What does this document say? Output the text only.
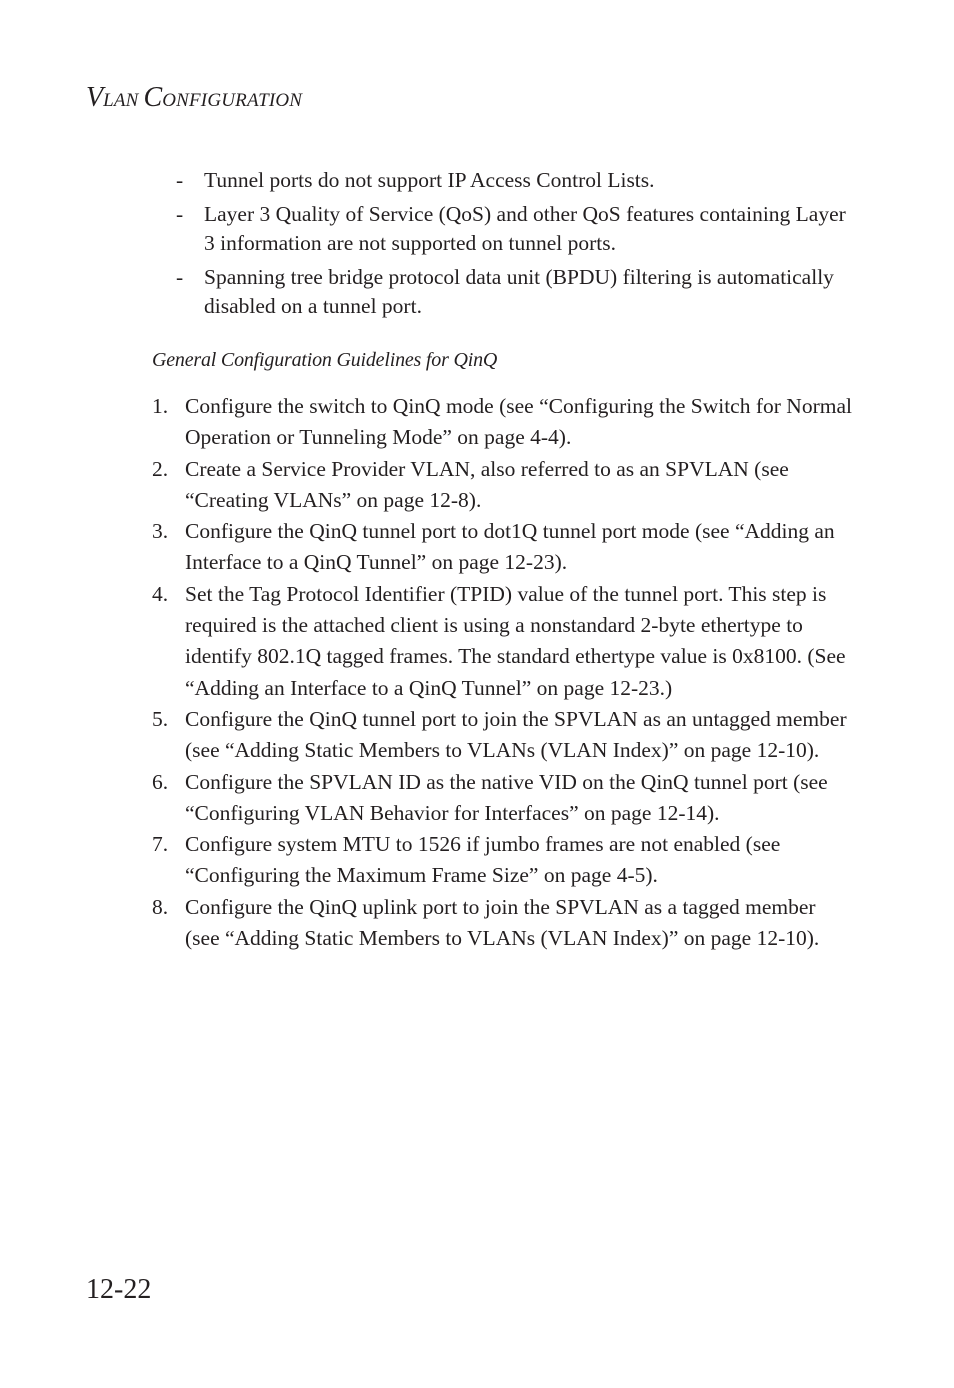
VLAN CONFIGURATION
- Tunnel ports do not support IP Access Control Lists.
- Layer 3 Quality of Service (QoS) and other QoS features containing Layer 3 information are not supported on tunnel ports.
- Spanning tree bridge protocol data unit (BPDU) filtering is automatically disabled on a tunnel port.
General Configuration Guidelines for QinQ
1. Configure the switch to QinQ mode (see “Configuring the Switch for Normal Operation or Tunneling Mode” on page 4-4).
2. Create a Service Provider VLAN, also referred to as an SPVLAN (see “Creating VLANs” on page 12-8).
3. Configure the QinQ tunnel port to dot1Q tunnel port mode (see “Adding an Interface to a QinQ Tunnel” on page 12-23).
4. Set the Tag Protocol Identifier (TPID) value of the tunnel port. This step is required is the attached client is using a nonstandard 2-byte ethertype to identify 802.1Q tagged frames. The standard ethertype value is 0x8100. (See “Adding an Interface to a QinQ Tunnel” on page 12-23.)
5. Configure the QinQ tunnel port to join the SPVLAN as an untagged member (see “Adding Static Members to VLANs (VLAN Index)” on page 12-10).
6. Configure the SPVLAN ID as the native VID on the QinQ tunnel port (see “Configuring VLAN Behavior for Interfaces” on page 12-14).
7. Configure system MTU to 1526 if jumbo frames are not enabled (see “Configuring the Maximum Frame Size” on page 4-5).
8. Configure the QinQ uplink port to join the SPVLAN as a tagged member (see “Adding Static Members to VLANs (VLAN Index)” on page 12-10).
12-22
